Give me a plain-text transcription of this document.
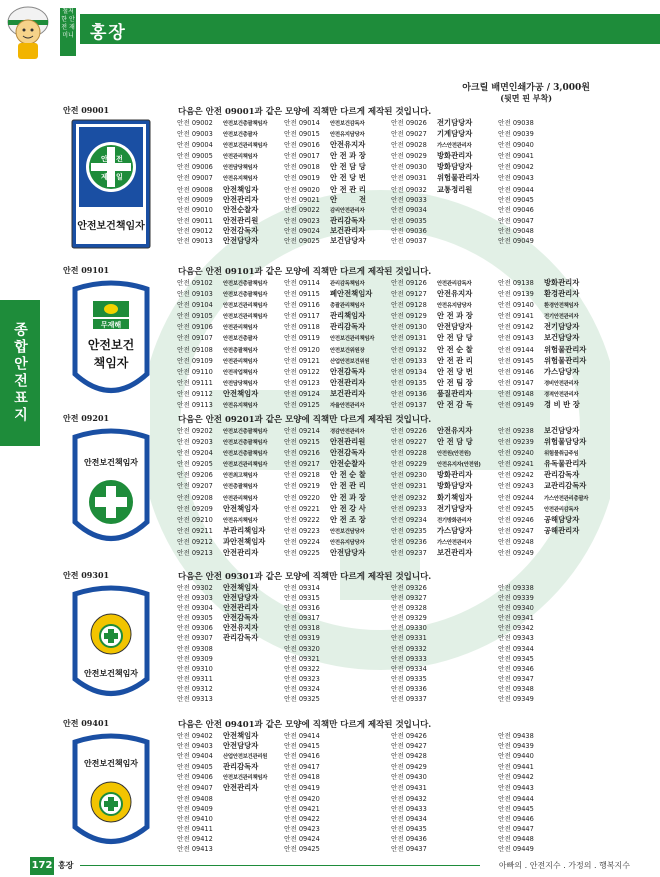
철저한 안전 재미니 홍장
아크릴 배면인쇄가공 / 3,000원
(뒷면 핀 부착)
종합안전표지
안전 09001	다음은 안전 09001과 같은 모양에 직책만 다르게 제작된 것입니다.
안 전
제 일
안전보건책임자
안전 09002 안전보건총괄책임자	안전 09014 안전보건감독자	안전 09026 전기담당자	안전 09038
안전 09003 안전보건총괄자	안전 09015 안전유지담당자	안전 09027 기계담당자	안전 09039
안전 09004 안전보건관리책임자	안전 09016 안전유지자	안전 09028 가스안전관리자	안전 09040
안전 09005 안전관리책임자	안전 09017 안 전 과 장	안전 09029 방화관리자	안전 09041
안전 09006 안전담당책임자	안전 09018 안 전 담 당	안전 09030 방화담당자	안전 09042
안전 09007 안전유지책임자	안전 09019 안 전 당 번	안전 09031 위험물관리자	안전 09043
안전 09008 안전책임자	안전 09020 안 전 관 리	안전 09032 교통정리원	안전 09044
안전 09009 안전관리자	안전 09021 안　　　전	안전 09033	안전 09045
안전 09010 안전순찰자	안전 09022 감리안전관리자	안전 09034	안전 09046
안전 09011 안전관리원	안전 09023 관리감독자	안전 09035	안전 09047
안전 09012 안전감독자	안전 09024 보건관리자	안전 09036	안전 09048
안전 09013 안전담당자	안전 09025 보건담당자	안전 09037	안전 09049
안전 09101	다음은 안전 09101과 같은 모양에 직책만 다르게 제작된 것입니다.
무재해
안전보건
책임자
안전 09102 안전보건총괄책임자	안전 09114 관리감독책임자	안전 09126 안전관리감독자	안전 09138 방화관리자
안전 09103 안전보건총괄책임자	안전 09115 폐안전책임자	안전 09127 안전유지자	안전 09139 환경관리자
안전 09104 안전보건관리책임자	안전 09116 총괄관리책임자	안전 09128 안전유지담당자	안전 09140 환경안전책임자
안전 09105 안전보건관리책임자	안전 09117 관리책임자	안전 09129 안 전 과 장	안전 09141 전기안전관리자
안전 09106 안전관리책임자	안전 09118 관리감독자	안전 09130 안전담당자	안전 09142 전기담당자
안전 09107 안전보건총괄자	안전 09119 안전보건관리책임자	안전 09131 안 전 담 당	안전 09143 보건담당자
안전 09108 안전총괄책임자	안전 09120 안전보건위원장	안전 09132 안 전 순 찰	안전 09144 위험물관리자
안전 09109 안전관리책임자	안전 09121 산업안전보건위원	안전 09133 안 전 관 리	안전 09145 위험물관리자
안전 09110 안전작업책임자	안전 09122 안전감독자	안전 09134 안 전 당 번	안전 09146 가스담당자
안전 09111 안전담당책임자	안전 09123 안전관리자	안전 09135 안 전 팀 장	안전 09147 경비안전관리자
안전 09112 안전책임자	안전 09124 보건관리자	안전 09136 품질관리자	안전 09148 경적안전관리자
안전 09113 안전유지책임자	안전 09125 자율안전관리자	안전 09137 안 전 감 독	안전 09149 경 비 반 장
안전 09201	다음은 안전 09201과 같은 모양에 직책만 다르게 제작된 것입니다.
안전보건책임자
안전 09202 안전보건총괄책임자	안전 09214 경감안전관리자	안전 09226 안전유지자	안전 09238 보건담당자
안전 09203 안전보건총괄책임자	안전 09215 안전관리원	안전 09227 안 전 담 당	안전 09239 위험물담당자
안전 09204 안전보건총괄책임자	안전 09216 안전감독자	안전 09228 안전원(안전원)	안전 09240 위험물취급주임
안전 09205 안전보건관리책임자	안전 09217 안전순찰자	안전 09229 안전유지자(안전원)	안전 09241 유독물관리자
안전 09206 안전최고책임자	안전 09218 안 전 순 찰	안전 09230 방화관리자	안전 09242 관리감독자
안전 09207 안전총괄책임자	안전 09219 안 전 관 리	안전 09231 방화담당자	안전 09243 교관리감독자
안전 09208 안전관리책임자	안전 09220 안 전 과 장	안전 09232 화기책임자	안전 09244 가스안전관리총괄자
안전 09209 안전책임자	안전 09221 안 전 강 사	안전 09233 전기담당자	안전 09245 안전관리감독자
안전 09210 안전유지책임자	안전 09222 안 전 조 장	안전 09234 전기방화관리자	안전 09246 공해담당자
안전 09211 부관리책임자	안전 09223 안전보건담당자	안전 09235 가스담당자	안전 09247 공해관리자
안전 09212 과안전책임자	안전 09224 안전유지담당자	안전 09236 가스안전관리자	안전 09248
안전 09213 안전관리자	안전 09225 안전담당자	안전 09237 보건관리자	안전 09249
안전 09301	다음은 안전 09301과 같은 모양에 직책만 다르게 제작된 것입니다.
안전보건책임자
안전 09302 안전책임자	안전 09314	안전 09326	안전 09338
안전 09303 안전담당자	안전 09315	안전 09327	안전 09339
안전 09304 안전관리자	안전 09316	안전 09328	안전 09340
안전 09305 안전감독자	안전 09317	안전 09329	안전 09341
안전 09306 안전유지자	안전 09318	안전 09330	안전 09342
안전 09307 관리감독자	안전 09319	안전 09331	안전 09343
안전 09308	안전 09320	안전 09332	안전 09344
안전 09309	안전 09321	안전 09333	안전 09345
안전 09310	안전 09322	안전 09334	안전 09346
안전 09311	안전 09323	안전 09335	안전 09347
안전 09312	안전 09324	안전 09336	안전 09348
안전 09313	안전 09325	안전 09337	안전 09349
안전 09401	다음은 안전 09401과 같은 모양에 직책만 다르게 제작된 것입니다.
안전보건책임자
안전 09402 안전책임자	안전 09414	안전 09426	안전 09438
안전 09403 안전담당자	안전 09415	안전 09427	안전 09439
안전 09404 산업안전보건관리원	안전 09416	안전 09428	안전 09440
안전 09405 관리감독자	안전 09417	안전 09429	안전 09441
안전 09406 안전보건관리책임자	안전 09418	안전 09430	안전 09442
안전 09407 안전관리자	안전 09419	안전 09431	안전 09443
안전 09408	안전 09420	안전 09432	안전 09444
안전 09409	안전 09421	안전 09433	안전 09445
안전 09410	안전 09422	안전 09434	안전 09446
안전 09411	안전 09423	안전 09435	안전 09447
안전 09412	안전 09424	안전 09436	안전 09448
안전 09413	안전 09425	안전 09437	안전 09449
172 홍장	아빠의 . 안전지수 . 가정의 . 행복지수
